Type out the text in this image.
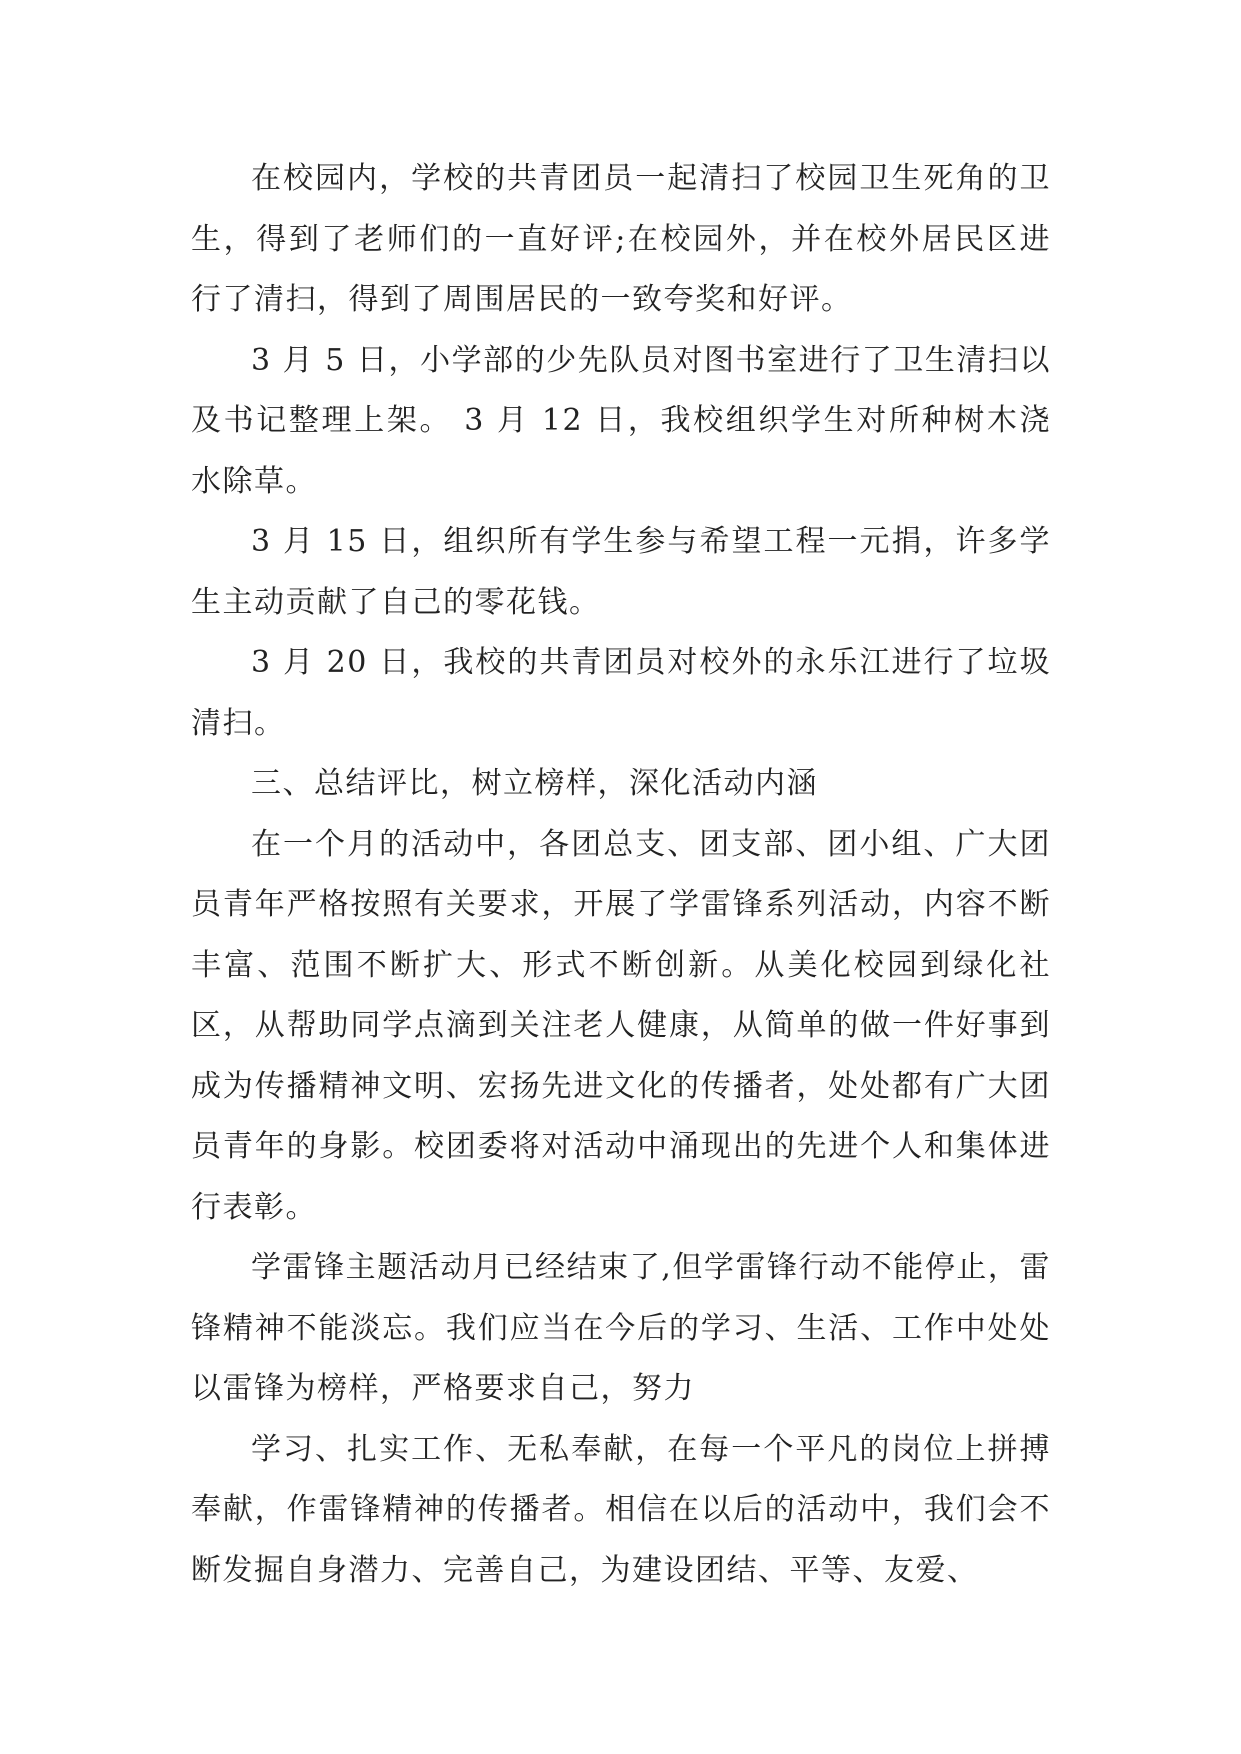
在校园内，学校的共青团员一起清扫了校园卫生死角的卫生，得到了老师们的一直好评;在校园外，并在校外居民区进行了清扫，得到了周围居民的一致夸奖和好评。

3 月 5 日，小学部的少先队员对图书室进行了卫生清扫以及书记整理上架。 3 月 12 日，我校组织学生对所种树木浇水除草。

3 月 15 日，组织所有学生参与希望工程一元捐，许多学生主动贡献了自己的零花钱。

3 月 20 日，我校的共青团员对校外的永乐江进行了垃圾清扫。

三、总结评比，树立榜样，深化活动内涵

在一个月的活动中，各团总支、团支部、团小组、广大团员青年严格按照有关要求，开展了学雷锋系列活动，内容不断丰富、范围不断扩大、形式不断创新。从美化校园到绿化社区，从帮助同学点滴到关注老人健康，从简单的做一件好事到成为传播精神文明、宏扬先进文化的传播者，处处都有广大团员青年的身影。校团委将对活动中涌现出的先进个人和集体进行表彰。

学雷锋主题活动月已经结束了,但学雷锋行动不能停止，雷锋精神不能淡忘。我们应当在今后的学习、生活、工作中处处以雷锋为榜样，严格要求自己，努力

学习、扎实工作、无私奉献，在每一个平凡的岗位上拼搏奉献，作雷锋精神的传播者。相信在以后的活动中，我们会不断发掘自身潜力、完善自己，为建设团结、平等、友爱、
